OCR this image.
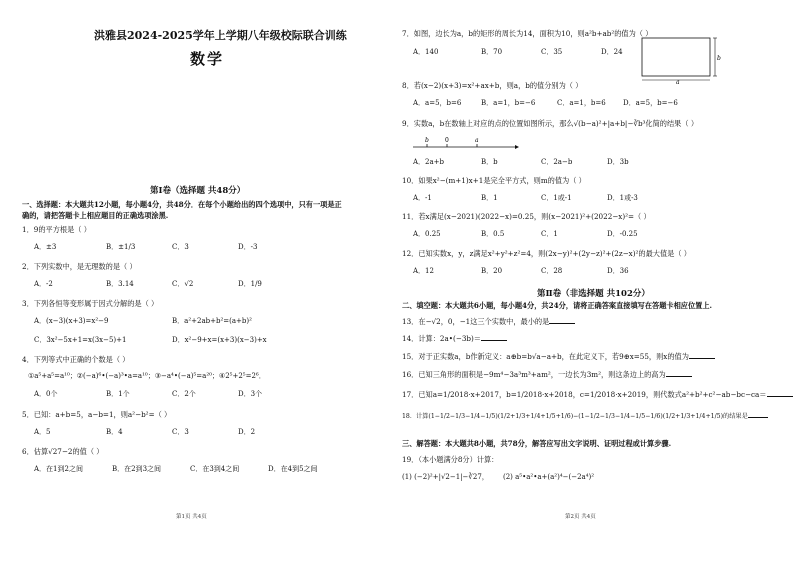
洪雅县2024-2025学年上学期八年级校际联合训练
数学
第Ⅰ卷（选择题 共48分）
一、选择题：本大题共12小题，每小题4分，共48分．在每个小题给出的四个选项中，只有一项是正
确的，请把答题卡上相应题目的正确选项涂黑.
1．9的平方根是（ ）
A．±3	B．±1/3	C．3	D．-3
2．下列实数中，是无理数的是（ ）
A．-2	B．3.14	C．√2	D．1/9
3．下列各恒等变形属于因式分解的是（ ）
A．(x−3)(x+3)=x²−9	B．a²+2ab+b²=(a+b)²
C．3x²−5x+1=x(3x−5)+1	D．x²−9+x=(x+3)(x−3)+x
4．下列等式中正确的个数是（ ）
①a⁵+a⁵=a¹⁰；②(−a)⁶•(−a)³•a=a¹⁰；③−a⁴•(−a)⁵=a²⁰；④2⁵+2⁵=2⁶．
A．0个	B．1个	C．2个	D．3个
5．已知：a+b=5，a−b=1，则a²−b²=（ ）
A．5	B．4	C．3	D．2
6．估算√27−2的值（ ）
A．在1到2之间	B．在2到3之间	C．在3到4之间	D．在4到5之间
第1页 共4页
7．如图，边长为a，b的矩形的周长为14，面积为10，则a²b+ab²的值为（ ）
A．140	B．70	C．35	D．24
a
b
8．若(x−2)(x+3)=x²+ax+b，则a，b的值分别为（ ）
A．a=5，b=6	B．a=1，b=−6	C．a=1，b=6 D．a=5，b=−6
9．实数a，b在数轴上对应的点的位置如图所示，那么√(b−a)²+|a+b|−∛b³化简的结果（ ）
b	0	a
A．2a+b	B．b	C．2a−b	D．3b
10．如果x²−(m+1)x+1是完全平方式，则m的值为（ ）
A．-1	B．1	C．1或-1	D．1或-3
11．若x满足(x−2021)(2022−x)=0.25，则(x−2021)²+(2022−x)²=（ ）
A．0.25	B．0.5	C．1	D．-0.25
12．已知实数x，y，z满足x²+y²+z²=4，则(2x−y)²+(2y−z)²+(2z−x)²的最大值是（ ）
A．12	B．20	C．28	D．36
第Ⅱ卷（非选择题 共102分）
二、填空题：本大题共6小题，每小题4分，共24分，请将正确答案直接填写在答题卡相应位置上.
13．在−√2，0，−1这三个实数中，最小的是
14．计算：2a•(−3b)＝
15．对于正实数a，b作新定义：a⊕b=b√a−a+b，在此定义下，若9⊕x=55，则x的值为
16．已知三角形的面积是−9m⁴−3a³m³+am²，一边长为3m²，则这条边上的高为
17．已知a=1/2018·x+2017，b=1/2018·x+2018，c=1/2018·x+2019，则代数式a²+b²+c²−ab−bc−ca＝
18．计算(1−1/2−1/3−1/4−1/5)(1/2+1/3+1/4+1/5+1/6)−(1−1/2−1/3−1/4−1/5−1/6)(1/2+1/3+1/4+1/5)的结果是
三、解答题：本大题共8小题，共78分，解答应写出文字说明、证明过程或计算步骤.
19．（本小题满分8分）计算：
(1) (−2)²+|√2−1|−∛27， (2) a⁵•a²•a+(a²)⁴−(−2a⁴)²
第2页 共4页
